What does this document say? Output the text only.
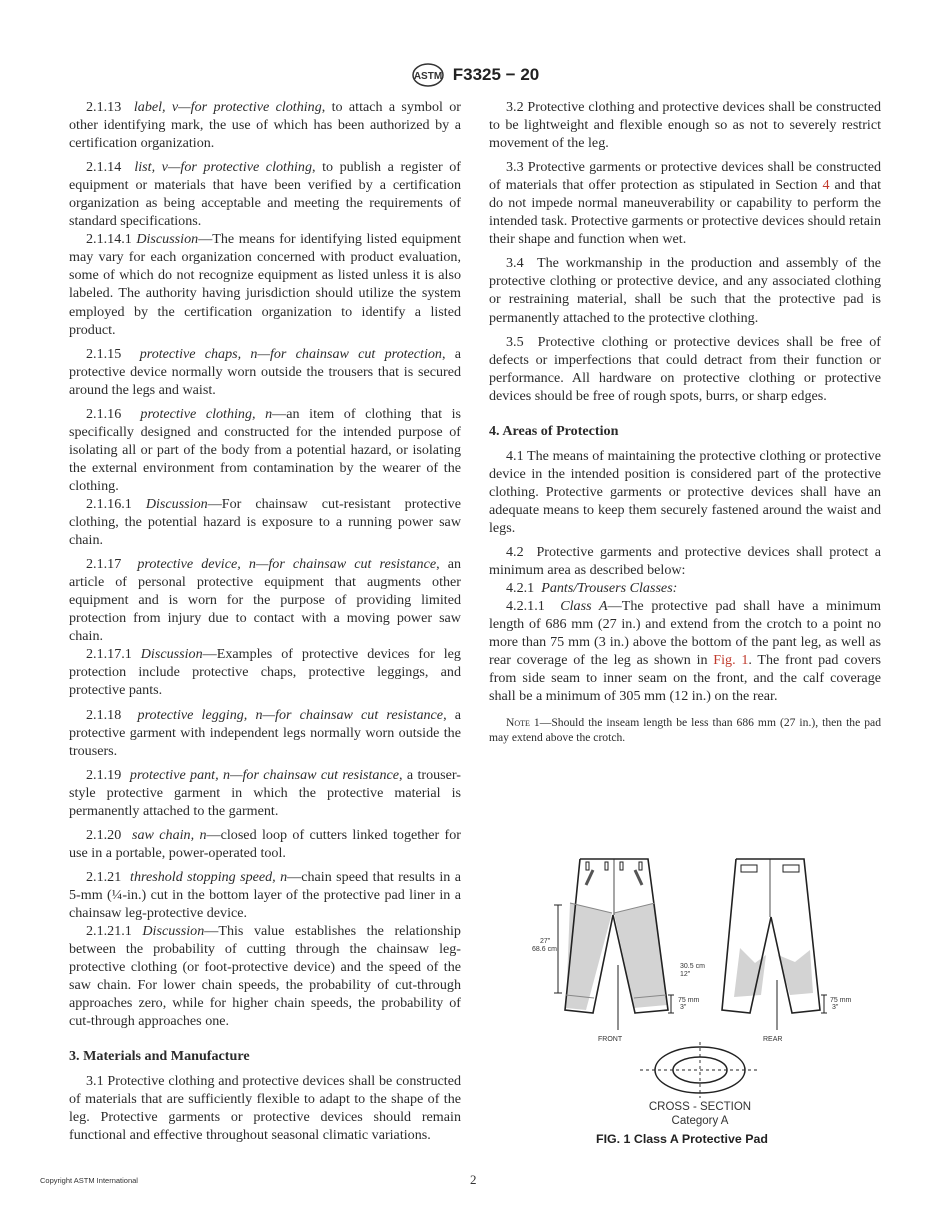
ASTM F3325 − 20

2.1.13 label, v—for protective clothing, to attach a symbol or other identifying mark, the use of which has been authorized by a certification organization.

2.1.14 list, v—for protective clothing, to publish a register of equipment or materials that have been verified by a certification organization as being acceptable and meeting the requirements of standard specifications.

2.1.14.1 Discussion—The means for identifying listed equipment may vary for each organization concerned with product evaluation, some of which do not recognize equipment as listed unless it is also labeled. The authority having jurisdiction should utilize the system employed by the certification organization to identify a listed product.

2.1.15 protective chaps, n—for chainsaw cut protection, a protective device normally worn outside the trousers that is secured around the legs and waist.

2.1.16 protective clothing, n—an item of clothing that is specifically designed and constructed for the intended purpose of isolating all or part of the body from a potential hazard, or isolating the external environment from contamination by the wearer of the clothing.

2.1.16.1 Discussion—For chainsaw cut-resistant protective clothing, the potential hazard is exposure to a running power saw chain.

2.1.17 protective device, n—for chainsaw cut resistance, an article of personal protective equipment that augments other equipment and is worn for the purpose of providing limited protection from injury due to contact with a moving power saw chain.

2.1.17.1 Discussion—Examples of protective devices for leg protection include protective chaps, protective leggings, and protective pants.

2.1.18 protective legging, n—for chainsaw cut resistance, a protective garment with independent legs normally worn outside the trousers.

2.1.19 protective pant, n—for chainsaw cut resistance, a trouser-style protective garment in which the protective material is permanently attached to the garment.

2.1.20 saw chain, n—closed loop of cutters linked together for use in a portable, power-operated tool.

2.1.21 threshold stopping speed, n—chain speed that results in a 5-mm (¼-in.) cut in the bottom layer of the protective pad liner in a chainsaw leg-protective device.

2.1.21.1 Discussion—This value establishes the relationship between the probability of cutting through the chainsaw leg-protective clothing (or foot-protective device) and the speed of the saw chain. For lower chain speeds, the probability of cut-through approaches zero, while for higher chain speeds, the probability of cut-through approaches one.

3. Materials and Manufacture

3.1 Protective clothing and protective devices shall be constructed of materials that are sufficiently flexible to adapt to the shape of the leg. Protective garments or protective devices should remain functional and effective throughout seasonal climatic variations.

3.2 Protective clothing and protective devices shall be constructed to be lightweight and flexible enough so as not to severely restrict movement of the leg.

3.3 Protective garments or protective devices shall be constructed of materials that offer protection as stipulated in Section 4 and that do not impede normal maneuverability or capability to perform the intended task. Protective garments or protective devices should retain their shape and function when wet.

3.4 The workmanship in the production and assembly of the protective clothing or protective device, and any associated clothing or restraining material, shall be such that the protective pad is permanently attached to the protective clothing.

3.5 Protective clothing or protective devices shall be free of defects or imperfections that could detract from their function or performance. All hardware on protective clothing or protective devices should be free of rough spots, burrs, or sharp edges.

4. Areas of Protection

4.1 The means of maintaining the protective clothing or protective device in the intended position is considered part of the protective clothing. Protective garments or protective devices shall have an adequate means to keep them securely fastened around the waist and legs.

4.2 Protective garments and protective devices shall protect a minimum area as described below:

4.2.1 Pants/Trousers Classes:

4.2.1.1 Class A—The protective pad shall have a minimum length of 686 mm (27 in.) and extend from the crotch to a point no more than 75 mm (3 in.) above the bottom of the pant leg, as well as rear coverage of the leg as shown in Fig. 1. The front pad covers from side seam to inner seam on the front, and the calf coverage shall be a minimum of 305 mm (12 in.) on the rear.

Note 1—Should the inseam length be less than 686 mm (27 in.), then the pad may extend above the crotch.

27"
68.6 cm
75 mm
3"
30.5 cm
12"
75 mm
3"
FRONT	REAR
CROSS - SECTION
Category A
FIG. 1 Class A Protective Pad
Copyright ASTM International	2
